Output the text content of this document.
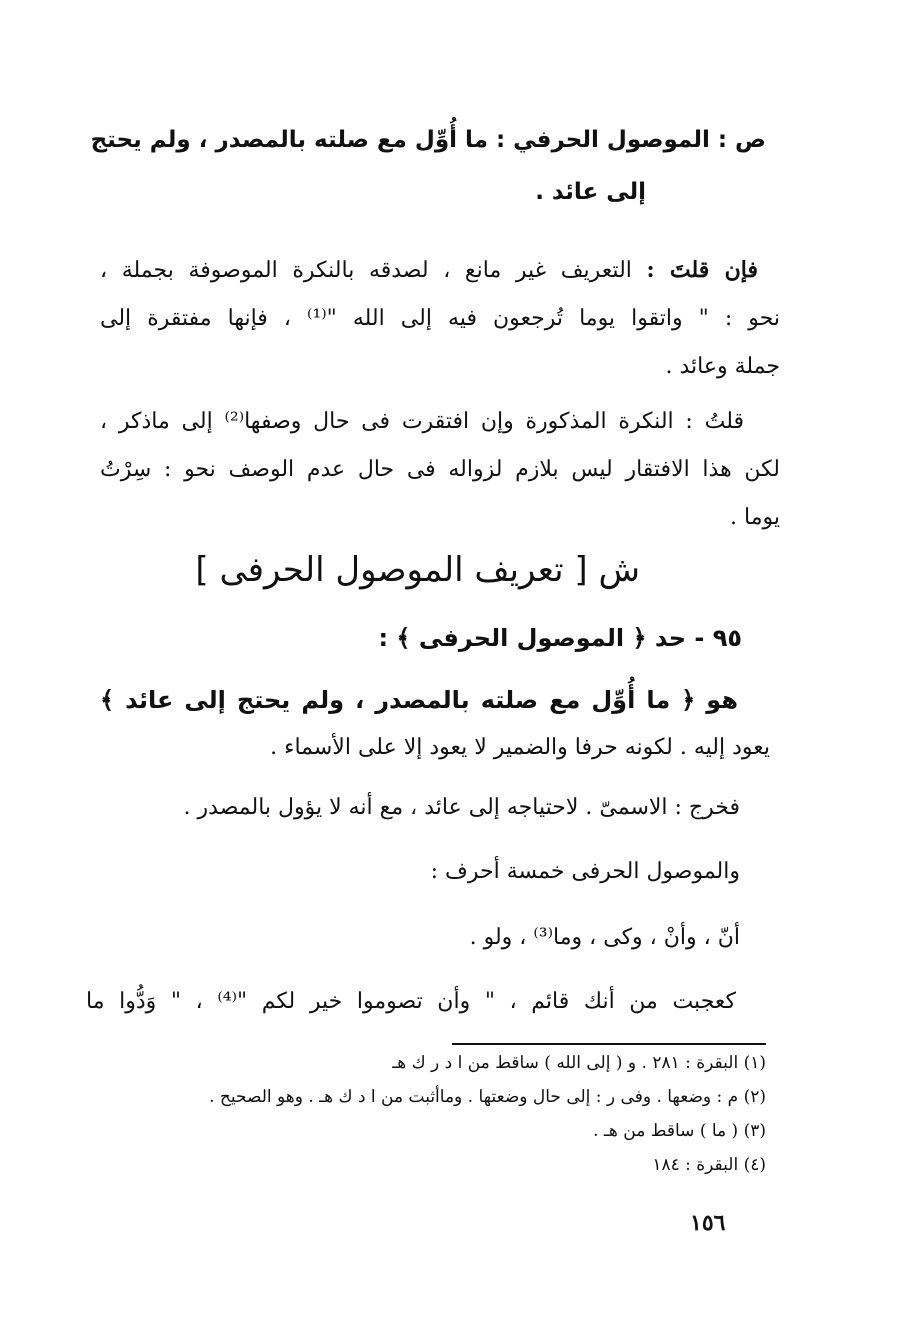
ص : الموصول الحرفي : ما أُوِّل مع صلته بالمصدر ، ولم يحتج
إلى عائد .
فإن قلتَ : التعريف غير مانع ، لصدقه بالنكرة الموصوفة بجملة ،
نحو : " واتقوا يوما تُرجعون فيه إلى الله "⁽¹⁾ ، فإنها مفتقرة إلى
جملة وعائد .
قلتُ : النكرة المذكورة وإن افتقرت فى حال وصفها⁽²⁾ إلى ماذكر ،
لكن هذا الافتقار ليس بلازم لزواله فى حال عدم الوصف نحو : سِرْتُ
يوما .
ش [ تعريف الموصول الحرفى ]
٩٥ - حد ﴿ الموصول الحرفى ﴾ :
هو ﴿ ما أُوِّل مع صلته بالمصدر ، ولم يحتج إلى عائد ﴾
يعود إليه . لكونه حرفا والضمير لا يعود إلا على الأسماء .
فخرج : الاسمىّ . لاحتياجه إلى عائد ، مع أنه لا يؤول بالمصدر .
والموصول الحرفى خمسة أحرف :
أنّ ، وأنْ ، وكى ، وما⁽³⁾ ، ولو .
كعجبت من أنك قائم ، " وأن تصوموا خير لكم "⁽⁴⁾ ، " وَدُّوا ما
(١) البقرة : ٢٨١ . و ( إلى الله ) ساقط من ا د ر ك هـ
(٢) م : وضعها . وفى ر : إلى حال وضعتها . وماأثبت من ا د ك هـ . وهو الصحيح .
(٣) ( ما ) ساقط من هـ .
(٤) البقرة : ١٨٤
١٥٦
